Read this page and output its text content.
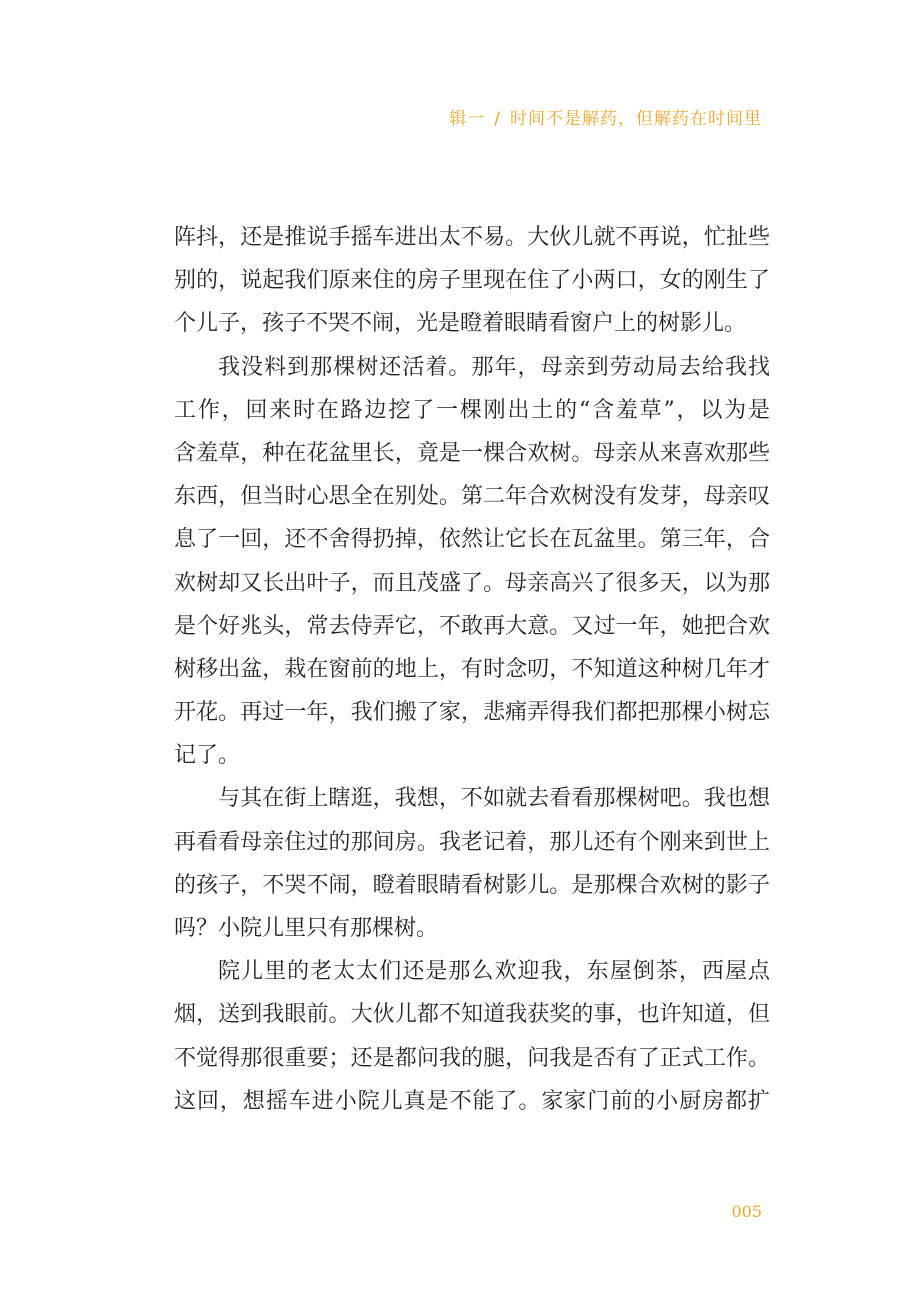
辑一 / 时间不是解药，但解药在时间里
阵抖，还是推说手摇车进出太不易。大伙儿就不再说，忙扯些
别的，说起我们原来住的房子里现在住了小两口，女的刚生了
个儿子，孩子不哭不闹，光是瞪着眼睛看窗户上的树影儿。
我没料到那棵树还活着。那年，母亲到劳动局去给我找
工作，回来时在路边挖了一棵刚出土的“含羞草”，以为是
含羞草，种在花盆里长，竟是一棵合欢树。母亲从来喜欢那些
东西，但当时心思全在别处。第二年合欢树没有发芽，母亲叹
息了一回，还不舍得扔掉，依然让它长在瓦盆里。第三年，合
欢树却又长出叶子，而且茂盛了。母亲高兴了很多天，以为那
是个好兆头，常去侍弄它，不敢再大意。又过一年，她把合欢
树移出盆，栽在窗前的地上，有时念叨，不知道这种树几年才
开花。再过一年，我们搬了家，悲痛弄得我们都把那棵小树忘
记了。
与其在街上瞎逛，我想，不如就去看看那棵树吧。我也想
再看看母亲住过的那间房。我老记着，那儿还有个刚来到世上
的孩子，不哭不闹，瞪着眼睛看树影儿。是那棵合欢树的影子
吗？小院儿里只有那棵树。
院儿里的老太太们还是那么欢迎我，东屋倒茶，西屋点
烟，送到我眼前。大伙儿都不知道我获奖的事，也许知道，但
不觉得那很重要；还是都问我的腿，问我是否有了正式工作。
这回，想摇车进小院儿真是不能了。家家门前的小厨房都扩
005
